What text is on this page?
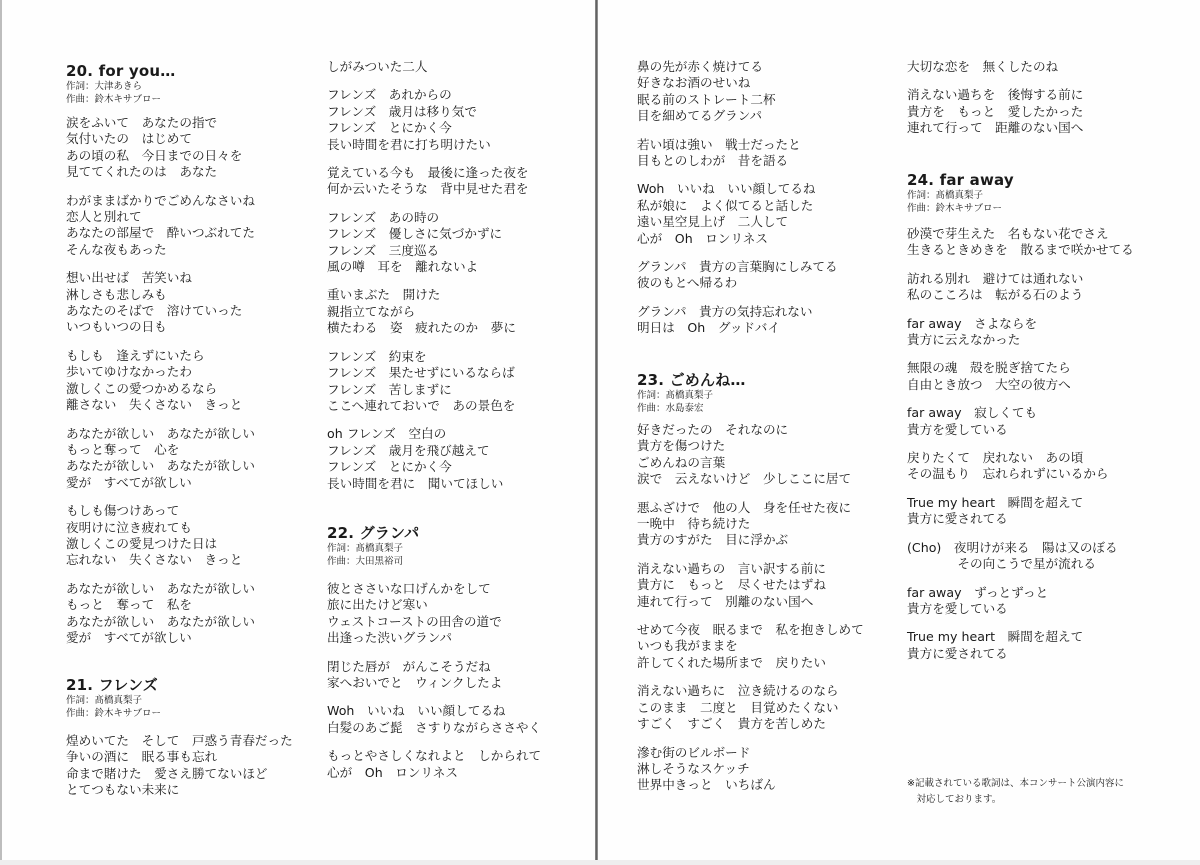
20. for you…
作詞：大津あきら
作曲：鈴木キサブロー
涙をふいて　あなたの指で
気付いたの　はじめて
あの頃の私　今日までの日々を
見ててくれたのは　あなた
わがままばかりでごめんなさいね
恋人と別れて
あなたの部屋で　酔いつぶれてた
そんな夜もあった
想い出せば　苦笑いね
淋しさも悲しみも
あなたのそばで　溶けていった
いつもいつの日も
もしも　逢えずにいたら
歩いてゆけなかったわ
激しくこの愛つかめるなら
離さない　失くさない　きっと
あなたが欲しい　あなたが欲しい
もっと奪って　心を
あなたが欲しい　あなたが欲しい
愛が　すべてが欲しい
もしも傷つけあって
夜明けに泣き疲れても
激しくこの愛見つけた日は
忘れない　失くさない　きっと
あなたが欲しい　あなたが欲しい
もっと　奪って　私を
あなたが欲しい　あなたが欲しい
愛が　すべてが欲しい
21. フレンズ
作詞：髙橋真梨子
作曲：鈴木キサブロー
煌めいてた　そして　戸惑う青春だった
争いの酒に　眠る事も忘れ
命まで賭けた　愛さえ勝てないほど
とてつもない未来に
しがみついた二人
フレンズ　あれからの
フレンズ　歳月は移り気で
フレンズ　とにかく今
長い時間を君に打ち明けたい
覚えている今も　最後に逢った夜を
何か云いたそうな　背中見せた君を
フレンズ　あの時の
フレンズ　優しさに気づかずに
フレンズ　三度巡る
風の噂　耳を　離れないよ
重いまぶた　開けた
親指立てながら
横たわる　姿　疲れたのか　夢に
フレンズ　約束を
フレンズ　果たせずにいるならば
フレンズ　苦しまずに
ここへ連れておいで　あの景色を
oh フレンズ　空白の
フレンズ　歳月を飛び越えて
フレンズ　とにかく今
長い時間を君に　聞いてほしい
22. グランパ
作詞：髙橋真梨子
作曲：大田黒裕司
彼とささいな口げんかをして
旅に出たけど寒い
ウェストコーストの田舎の道で
出逢った渋いグランパ
閉じた唇が　がんこそうだね
家へおいでと　ウィンクしたよ
Woh　いいね　いい顔してるね
白髪のあご髭　さすりながらささやく
もっとやさしくなれよと　しかられて
心が　Oh　ロンリネス
鼻の先が赤く焼けてる
好きなお酒のせいね
眠る前のストレート二杯
目を細めてるグランパ
若い頃は強い　戦士だったと
目もとのしわが　昔を語る
Woh　いいね　いい顔してるね
私が娘に　よく似てると話した
遠い星空見上げ　二人して
心が　Oh　ロンリネス
グランパ　貴方の言葉胸にしみてる
彼のもとへ帰るわ
グランパ　貴方の気持忘れない
明日は　Oh　グッドバイ
23. ごめんね…
作詞：髙橋真梨子
作曲：水島泰宏
好きだったの　それなのに
貴方を傷つけた
ごめんねの言葉
涙で　云えないけど　少しここに居て
悪ふざけで　他の人　身を任せた夜に
一晩中　待ち続けた
貴方のすがた　目に浮かぶ
消えない過ちの　言い訳する前に
貴方に　もっと　尽くせたはずね
連れて行って　別離のない国へ
せめて今夜　眠るまで　私を抱きしめて
いつも我がままを
許してくれた場所まで　戻りたい
消えない過ちに　泣き続けるのなら
このまま　二度と　目覚めたくない
すごく　すごく　貴方を苦しめた
滲む街のビルボード
淋しそうなスケッチ
世界中きっと　いちばん
大切な恋を　無くしたのね
消えない過ちを　後悔する前に
貴方を　もっと　愛したかった
連れて行って　距離のない国へ
24. far away
作詞：髙橋真梨子
作曲：鈴木キサブロー
砂漠で芽生えた　名もない花でさえ
生きるときめきを　散るまで咲かせてる
訪れる別れ　避けては通れない
私のこころは　転がる石のよう
far away　さよならを
貴方に云えなかった
無限の魂　殻を脱ぎ捨てたら
自由とき放つ　大空の彼方へ
far away　寂しくても
貴方を愛している
戻りたくて　戻れない　あの頃
その温もり　忘れられずにいるから
True my heart　瞬間を超えて
貴方に愛されてる
(Cho)　夜明けが来る　陽は又のぼる
　　　　その向こうで星が流れる
far away　ずっとずっと
貴方を愛している
True my heart　瞬間を超えて
貴方に愛されてる
※記載されている歌詞は、本コンサート公演内容に
　対応しております。
